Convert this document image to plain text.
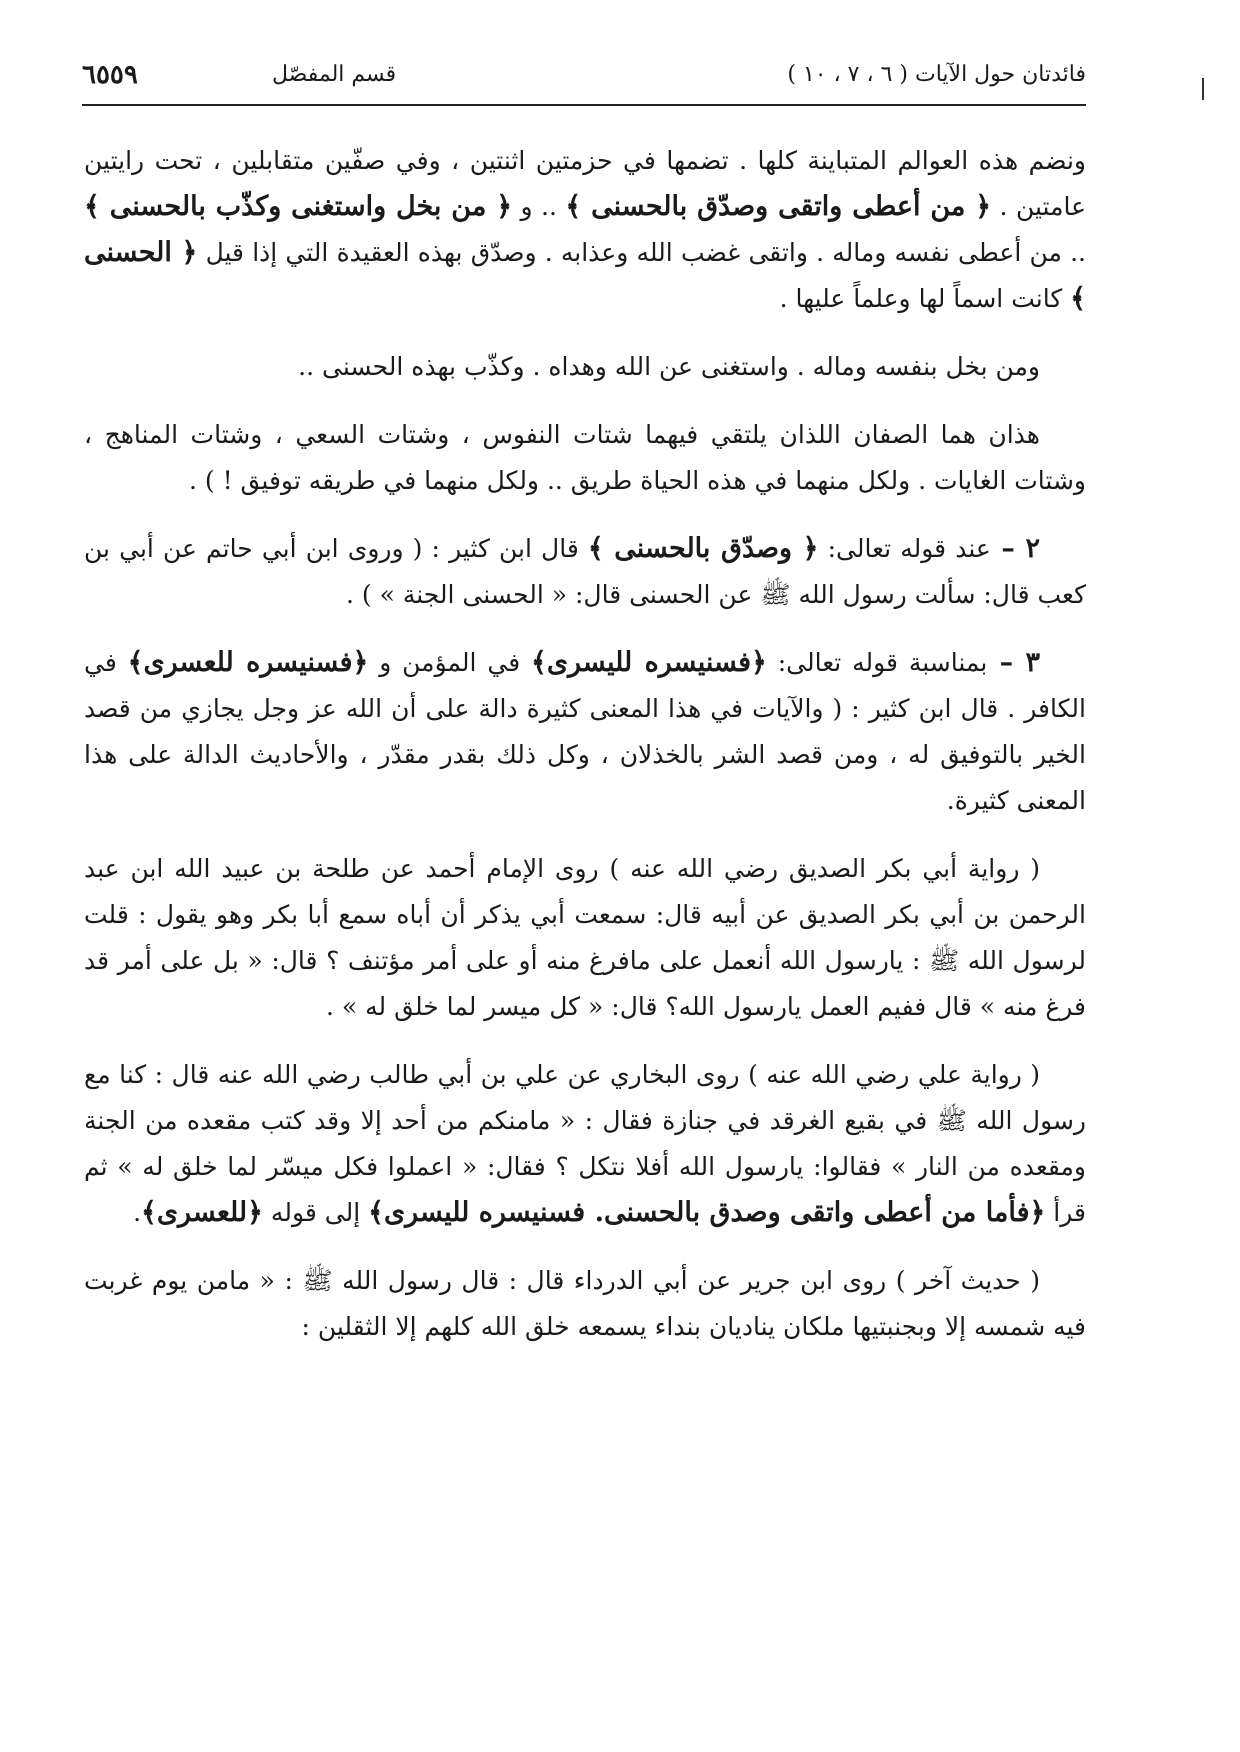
٦٥٥٩	قسم المفصّل	فائدتان حول الآيات ( ٦ ، ٧ ، ١٠ )

ونضم هذه العوالم المتباينة كلها . تضمها في حزمتين اثنتين ، وفي صفّين متقابلين ، تحت رايتين عامتين . ﴿ من أعطى واتقى وصدّق بالحسنى ﴾ .. و ﴿ من بخل واستغنى وكذّب بالحسنى ﴾ .. من أعطى نفسه وماله . واتقى غضب الله وعذابه . وصدّق بهذه العقيدة التي إذا قيل ﴿ الحسنى ﴾ كانت اسماً لها وعلماً عليها .

ومن بخل بنفسه وماله . واستغنى عن الله وهداه . وكذّب بهذه الحسنى ..

هذان هما الصفان اللذان يلتقي فيهما شتات النفوس ، وشتات السعي ، وشتات المناهج ، وشتات الغايات . ولكل منهما في هذه الحياة طريق .. ولكل منهما في طريقه توفيق ! ) .

٢ – عند قوله تعالى: ﴿ وصدّق بالحسنى ﴾ قال ابن كثير : ( وروى ابن أبي حاتم عن أبي بن كعب قال: سألت رسول الله ﷺ عن الحسنى قال: « الحسنى الجنة » ) .

٣ – بمناسبة قوله تعالى: ﴿فسنيسره لليسرى﴾ في المؤمن و ﴿فسنيسره للعسرى﴾ في الكافر . قال ابن كثير : ( والآيات في هذا المعنى كثيرة دالة على أن الله عز وجل يجازي من قصد الخير بالتوفيق له ، ومن قصد الشر بالخذلان ، وكل ذلك بقدر مقدّر ، والأحاديث الدالة على هذا المعنى كثيرة.

( رواية أبي بكر الصديق رضي الله عنه ) روى الإمام أحمد عن طلحة بن عبيد الله ابن عبد الرحمن بن أبي بكر الصديق عن أبيه قال: سمعت أبي يذكر أن أباه سمع أبا بكر وهو يقول : قلت لرسول الله ﷺ : يارسول الله أنعمل على مافرغ منه أو على أمر مؤتنف ؟ قال: « بل على أمر قد فرغ منه » قال ففيم العمل يارسول الله؟ قال: « كل ميسر لما خلق له » .

( رواية علي رضي الله عنه ) روى البخاري عن علي بن أبي طالب رضي الله عنه قال : كنا مع رسول الله ﷺ في بقيع الغرقد في جنازة فقال : « مامنكم من أحد إلا وقد كتب مقعده من الجنة ومقعده من النار » فقالوا: يارسول الله أفلا نتكل ؟ فقال: « اعملوا فكل ميسّر لما خلق له » ثم قرأ ﴿فأما من أعطى واتقى وصدق بالحسنى. فسنيسره لليسرى﴾ إلى قوله ﴿للعسرى﴾.

( حديث آخر ) روى ابن جرير عن أبي الدرداء قال : قال رسول الله ﷺ : « مامن يوم غربت فيه شمسه إلا وبجنبتيها ملكان يناديان بنداء يسمعه خلق الله كلهم إلا الثقلين :
